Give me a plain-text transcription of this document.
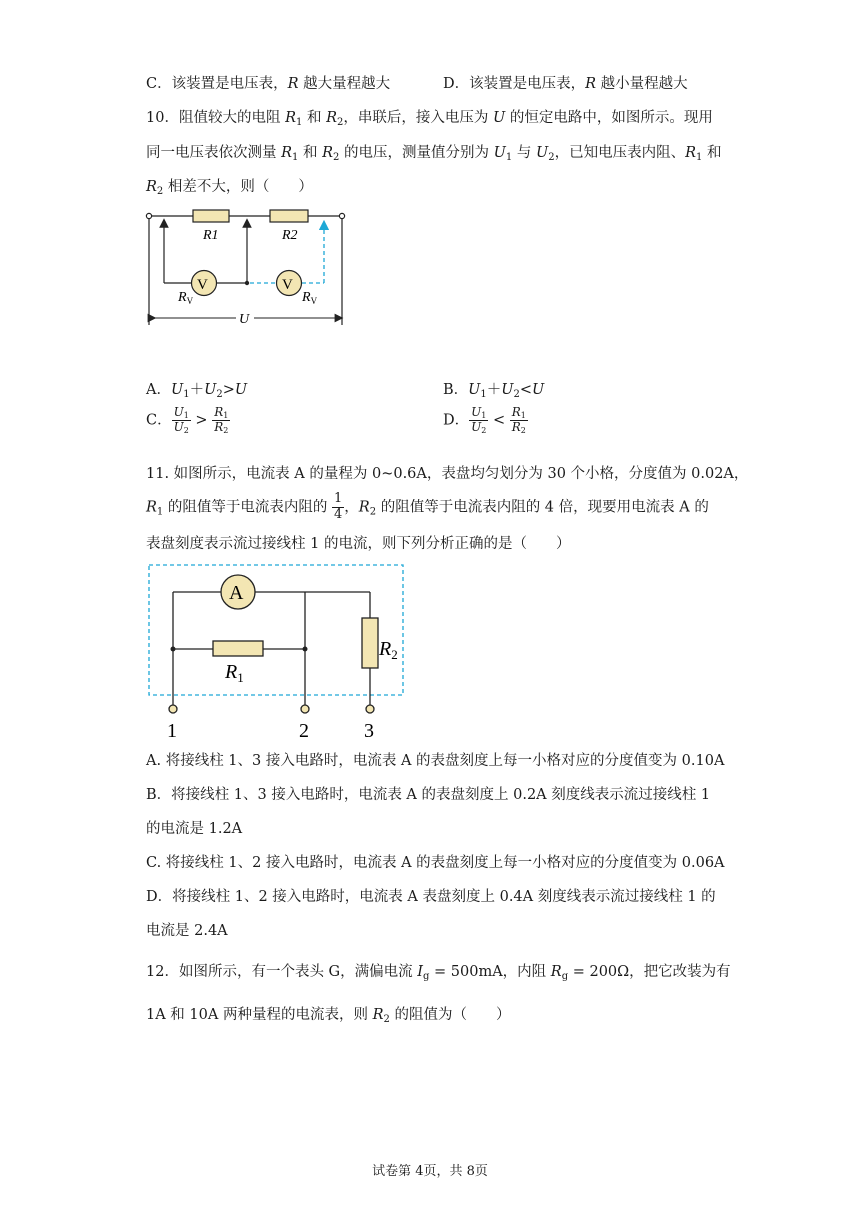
C．该装置是电压表，R 越大量程越大	D．该装置是电压表，R 越小量程越大
10．阻值较大的电阻 $R_1$ 和 $R_2$，串联后，接入电压为 U 的恒定电路中，如图所示。现用
同一电压表依次测量 $R_1$ 和 $R_2$ 的电压，测量值分别为 $U_1$ 与 $U_2$，已知电压表内阻、$R_1$ 和
$R_2$ 相差不大，则（　　）
R1	R2
V
$R_V$
V
$R_V$
U
A．$U_1+U_2>U$	B．$U_1+U_2<U$
C． $\frac{U_1}{U_2} > \frac{R_1}{R_2}$	D． $\frac{U_1}{U_2} < \frac{R_1}{R_2}$
11. 如图所示，电流表 A 的量程为 0~0.6A，表盘均匀划分为 30 个小格，分度值为 0.02A，
$R_1$ 的阻值等于电流表内阻的 $\frac{1}{4}$ ，$R_2$ 的阻值等于电流表内阻的 4 倍，现要用电流表 A 的
表盘刻度表示流过接线柱 1 的电流，则下列分析正确的是（　　）
A
$R_1$
$R_2$
1	2	3
A. 将接线柱 1、3 接入电路时，电流表 A 的表盘刻度上每一小格对应的分度值变为 0.10A
B．将接线柱 1、3 接入电路时，电流表 A 的表盘刻度上 0.2A 刻度线表示流过接线柱 1
的电流是 1.2A
C. 将接线柱 1、2 接入电路时，电流表 A 的表盘刻度上每一小格对应的分度值变为 0.06A
D．将接线柱 1、2 接入电路时，电流表 A 表盘刻度上 0.4A 刻度线表示流过接线柱 1 的
电流是 2.4A
12．如图所示，有一个表头 G，满偏电流 $I_g = 500mA$，内阻 $R_g = 200\Omega$，把它改装为有
1A 和 10A 两种量程的电流表，则 $R_2$ 的阻值为（　　）
试卷第 4页，共 8页
